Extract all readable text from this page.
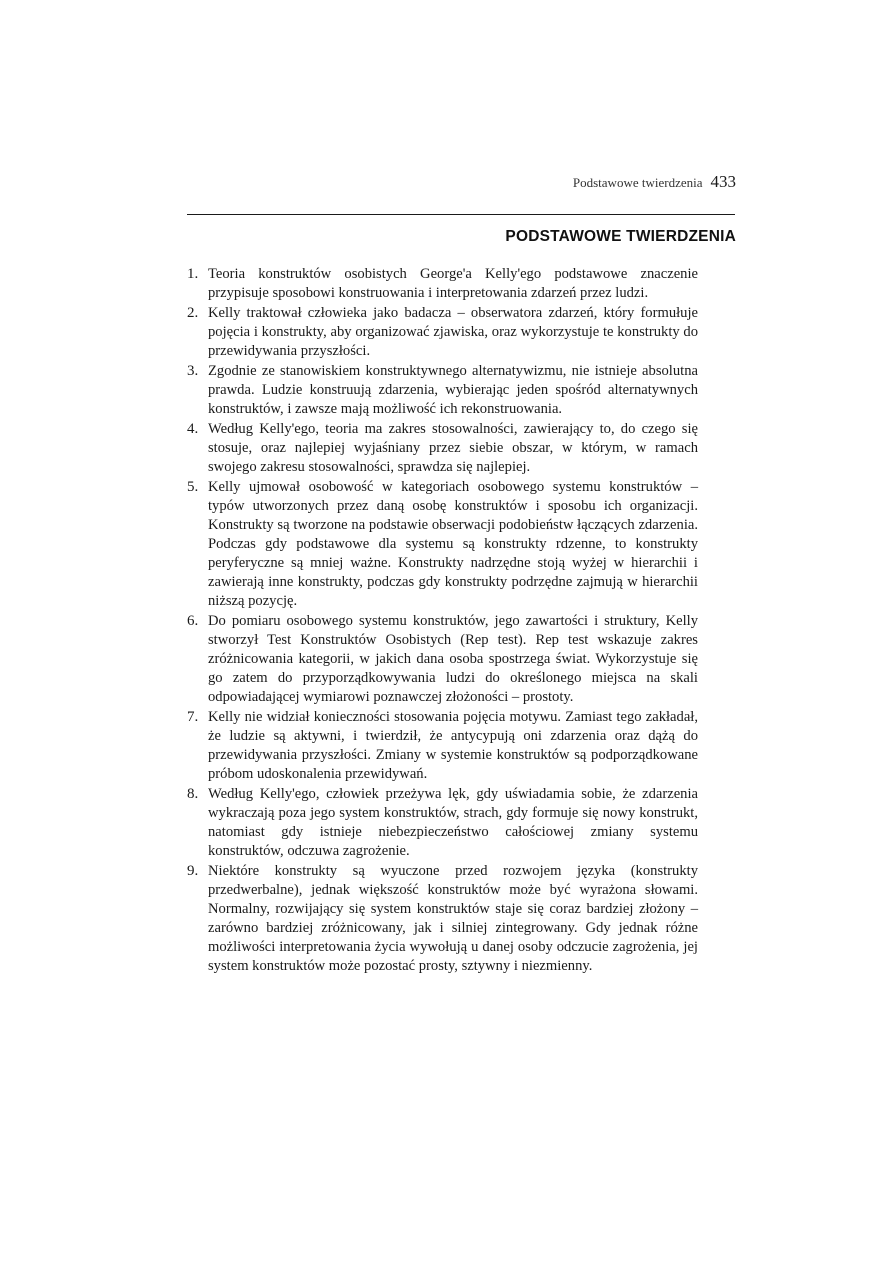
Podstawowe twierdzenia 433
PODSTAWOWE TWIERDZENIA
1. Teoria konstruktów osobistych George'a Kelly'ego podstawowe znaczenie przypisuje sposobowi konstruowania i interpretowania zdarzeń przez ludzi.
2. Kelly traktował człowieka jako badacza – obserwatora zdarzeń, który formułuje pojęcia i konstrukty, aby organizować zjawiska, oraz wykorzystuje te konstrukty do przewidywania przyszłości.
3. Zgodnie ze stanowiskiem konstruktywnego alternatywizmu, nie istnieje absolutna prawda. Ludzie konstruują zdarzenia, wybierając jeden spośród alternatywnych konstruktów, i zawsze mają możliwość ich rekonstruowania.
4. Według Kelly'ego, teoria ma zakres stosowalności, zawierający to, do czego się stosuje, oraz najlepiej wyjaśniany przez siebie obszar, w którym, w ramach swojego zakresu stosowalności, sprawdza się najlepiej.
5. Kelly ujmował osobowość w kategoriach osobowego systemu konstruktów – typów utworzonych przez daną osobę konstruktów i sposobu ich organizacji. Konstrukty są tworzone na podstawie obserwacji podobieństw łączących zdarzenia. Podczas gdy podstawowe dla systemu są konstrukty rdzenne, to konstrukty peryferyczne są mniej ważne. Konstrukty nadrzędne stoją wyżej w hierarchii i zawierają inne konstrukty, podczas gdy konstrukty podrzędne zajmują w hierarchii niższą pozycję.
6. Do pomiaru osobowego systemu konstruktów, jego zawartości i struktury, Kelly stworzył Test Konstruktów Osobistych (Rep test). Rep test wskazuje zakres zróżnicowania kategorii, w jakich dana osoba spostrzega świat. Wykorzystuje się go zatem do przyporządkowywania ludzi do określonego miejsca na skali odpowiadającej wymiarowi poznawczej złożoności – prostoty.
7. Kelly nie widział konieczności stosowania pojęcia motywu. Zamiast tego zakładał, że ludzie są aktywni, i twierdził, że antycypują oni zdarzenia oraz dążą do przewidywania przyszłości. Zmiany w systemie konstruktów są podporządkowane próbom udoskonalenia przewidywań.
8. Według Kelly'ego, człowiek przeżywa lęk, gdy uświadamia sobie, że zdarzenia wykraczają poza jego system konstruktów, strach, gdy formuje się nowy konstrukt, natomiast gdy istnieje niebezpieczeństwo całościowej zmiany systemu konstruktów, odczuwa zagrożenie.
9. Niektóre konstrukty są wyuczone przed rozwojem języka (konstrukty przedwerbalne), jednak większość konstruktów może być wyrażona słowami. Normalny, rozwijający się system konstruktów staje się coraz bardziej złożony – zarówno bardziej zróżnicowany, jak i silniej zintegrowany. Gdy jednak różne możliwości interpretowania życia wywołują u danej osoby odczucie zagrożenia, jej system konstruktów może pozostać prosty, sztywny i niezmienny.
